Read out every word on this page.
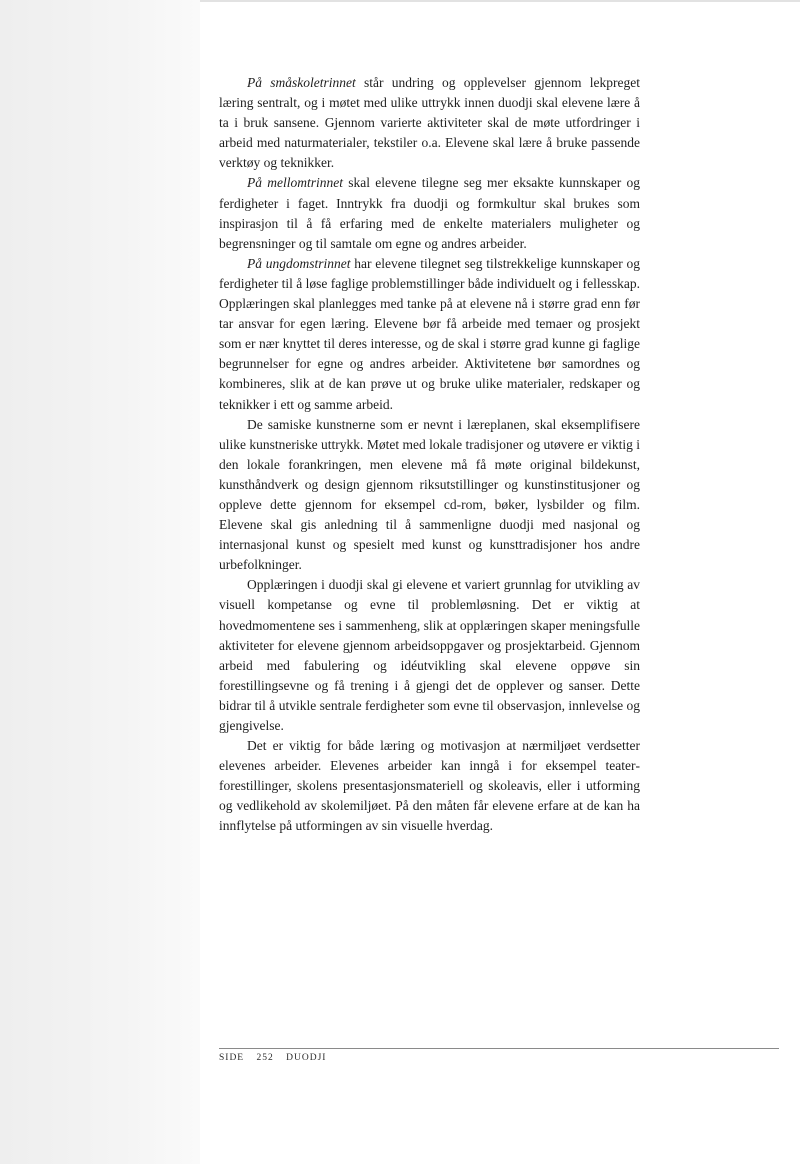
På småskoletrinnet står undring og opplevelser gjennom lekpreget læring sentralt, og i møtet med ulike uttrykk innen duodji skal elevene lære å ta i bruk sansene. Gjennom varierte aktiviteter skal de møte utfordringer i arbeid med naturmaterialer, tekstiler o.a. Elevene skal lære å bruke passende verktøy og teknikker.

På mellomtrinnet skal elevene tilegne seg mer eksakte kunnskaper og ferdigheter i faget. Inntrykk fra duodji og formkultur skal brukes som inspirasjon til å få erfaring med de enkelte materialers muligheter og begrensninger og til samtale om egne og andres arbeider.

På ungdomstrinnet har elevene tilegnet seg tilstrekkelige kunnskaper og ferdigheter til å løse faglige problemstillinger både individuelt og i fellesskap. Opplæringen skal planlegges med tanke på at elevene nå i større grad enn før tar ansvar for egen læring. Elevene bør få arbeide med temaer og prosjekt som er nær knyttet til deres interesse, og de skal i større grad kunne gi faglige begrunnelser for egne og andres arbeider. Aktivitetene bør samordnes og kombineres, slik at de kan prøve ut og bruke ulike materialer, redskaper og teknikker i ett og samme arbeid.

De samiske kunstnerne som er nevnt i læreplanen, skal eksemplifisere ulike kunstneriske uttrykk. Møtet med lokale tradisjoner og utøvere er viktig i den lokale forankringen, men elevene må få møte original bildekunst, kunsthåndverk og design gjennom riksutstillinger og kunstinstitusjoner og oppleve dette gjennom for eksempel cd-rom, bøker, lysbilder og film. Elevene skal gis anledning til å sammenligne duodji med nasjonal og internasjonal kunst og spesielt med kunst og kunsttradisjoner hos andre urbefolkninger.

Opplæringen i duodji skal gi elevene et variert grunnlag for utvikling av visuell kompetanse og evne til problemløsning. Det er viktig at hovedmomentene ses i sammenheng, slik at opplæringen skaper meningsfulle aktiviteter for elevene gjennom arbeidsoppgaver og prosjektarbeid. Gjennom arbeid med fabulering og idéutvikling skal elevene oppøve sin forestillingsevne og få trening i å gjengi det de opplever og sanser. Dette bidrar til å utvikle sentrale ferdigheter som evne til observasjon, innlevelse og gjengivelse.

Det er viktig for både læring og motivasjon at nærmiljøet verdsetter elevenes arbeider. Elevenes arbeider kan inngå i for eksempel teaterforestillinger, skolens presentasjonsmateriell og skoleavis, eller i utforming og vedlikehold av skolemiljøet. På den måten får elevene erfare at de kan ha innflytelse på utformingen av sin visuelle hverdag.

SIDE 252 DUODJI
